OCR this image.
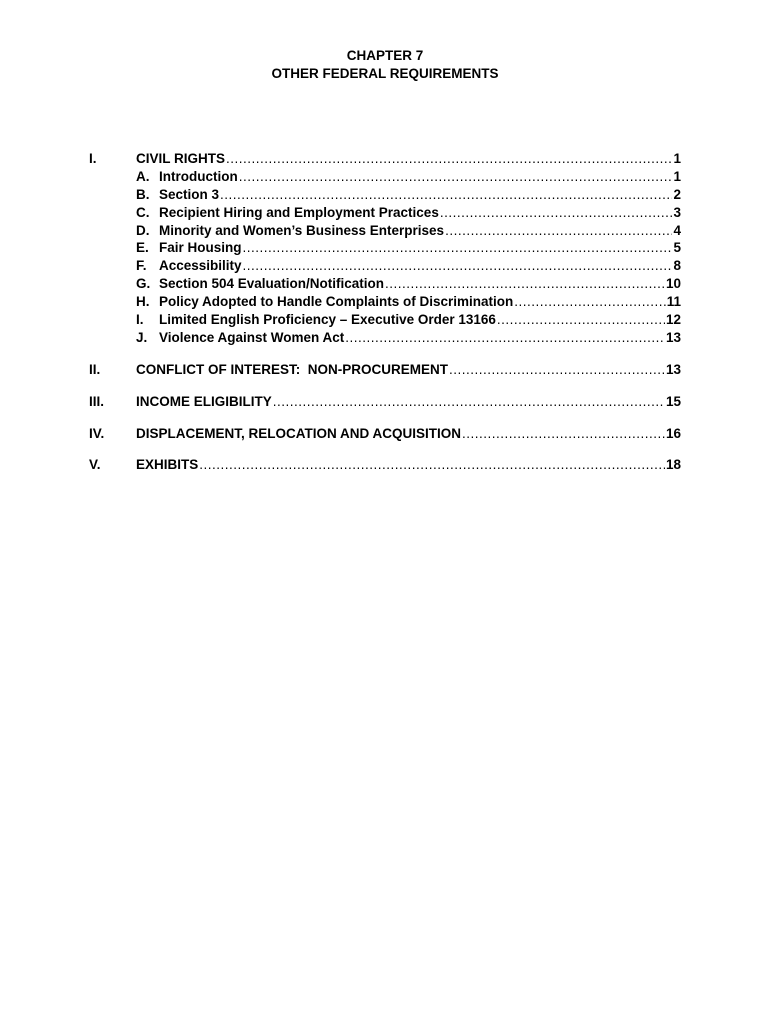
CHAPTER 7
OTHER FEDERAL REQUIREMENTS
I.	CIVIL RIGHTS .....	1
A. Introduction .....	1
B. Section 3 .....	2
C. Recipient Hiring and Employment Practices .....	3
D. Minority and Women’s Business Enterprises .....	4
E. Fair Housing .....	5
F. Accessibility .....	8
G. Section 504 Evaluation/Notification .....	10
H. Policy Adopted to Handle Complaints of Discrimination .....	11
I.	Limited English Proficiency – Executive Order 13166 .....	12
J. Violence Against Women Act .....	13
II.	CONFLICT OF INTEREST:  NON-PROCUREMENT .....	13
III.	INCOME ELIGIBILITY .....	15
IV.	DISPLACEMENT, RELOCATION AND ACQUISITION .....	16
V.	EXHIBITS .....	18
